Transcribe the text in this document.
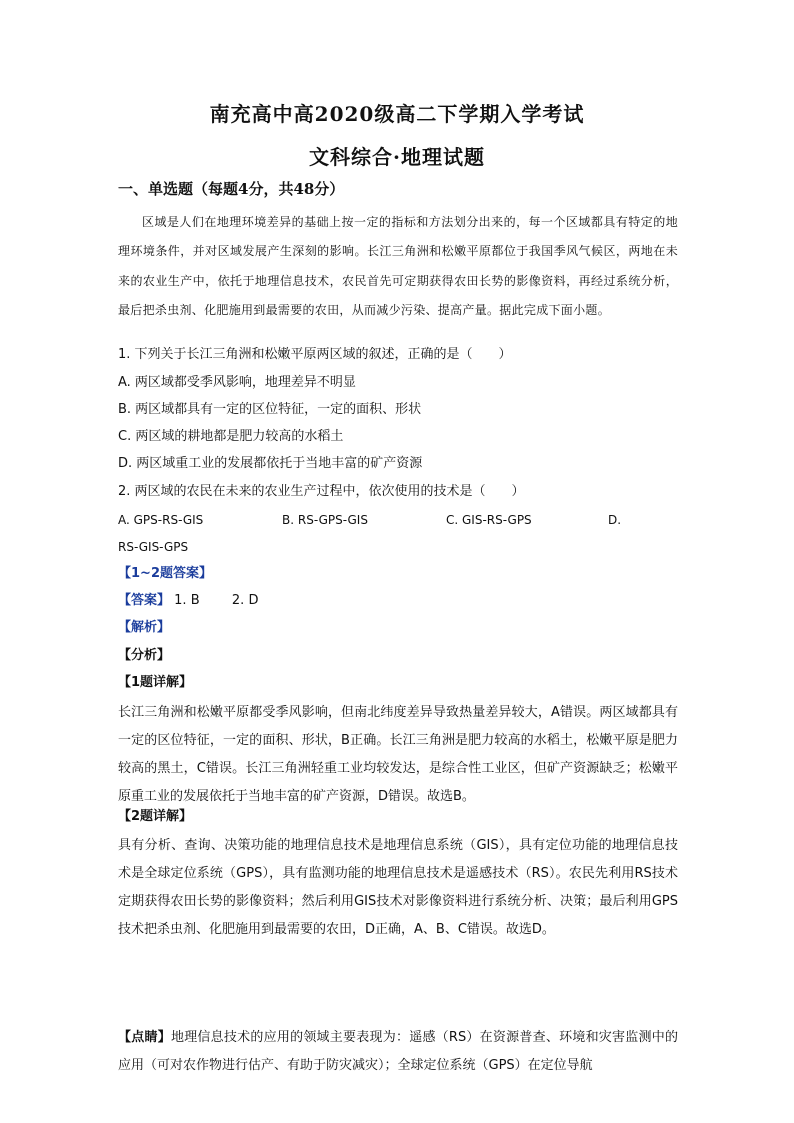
南充高中高2020级高二下学期入学考试
文科综合·地理试题
一、单选题（每题4分，共48分）
区域是人们在地理环境差异的基础上按一定的指标和方法划分出来的，每一个区域都具有特定的地理环境条件，并对区域发展产生深刻的影响。长江三角洲和松嫩平原都位于我国季风气候区，两地在未来的农业生产中，依托于地理信息技术，农民首先可定期获得农田长势的影像资料，再经过系统分析，最后把杀虫剂、化肥施用到最需要的农田，从而减少污染、提高产量。据此完成下面小题。
1. 下列关于长江三角洲和松嫩平原两区域的叙述，正确的是（　　）
A. 两区域都受季风影响，地理差异不明显
B. 两区域都具有一定的区位特征，一定的面积、形状
C. 两区域的耕地都是肥力较高的水稻土
D. 两区域重工业的发展都依托于当地丰富的矿产资源
2. 两区域的农民在未来的农业生产过程中，依次使用的技术是（　　）
A. GPS-RS-GIS	B. RS-GPS-GIS	C. GIS-RS-GPS	D.
RS-GIS-GPS
【1~2题答案】
【答案】 1. B 2. D
【解析】
【分析】
【1题详解】
长江三角洲和松嫩平原都受季风影响，但南北纬度差异导致热量差异较大，A错误。两区域都具有一定的区位特征，一定的面积、形状，B正确。长江三角洲是肥力较高的水稻土，松嫩平原是肥力较高的黑土，C错误。长江三角洲轻重工业均较发达，是综合性工业区，但矿产资源缺乏；松嫩平原重工业的发展依托于当地丰富的矿产资源，D错误。故选B。
【2题详解】
具有分析、查询、决策功能的地理信息技术是地理信息系统（GIS），具有定位功能的地理信息技术是全球定位系统（GPS），具有监测功能的地理信息技术是遥感技术（RS）。农民先利用RS技术定期获得农田长势的影像资料；然后利用GIS技术对影像资料进行系统分析、决策；最后利用GPS技术把杀虫剂、化肥施用到最需要的农田，D正确，A、B、C错误。故选D。
【点睛】地理信息技术的应用的领域主要表现为：遥感（RS）在资源普查、环境和灾害监测中的应用（可对农作物进行估产、有助于防灾减灾）；全球定位系统（GPS）在定位导航
